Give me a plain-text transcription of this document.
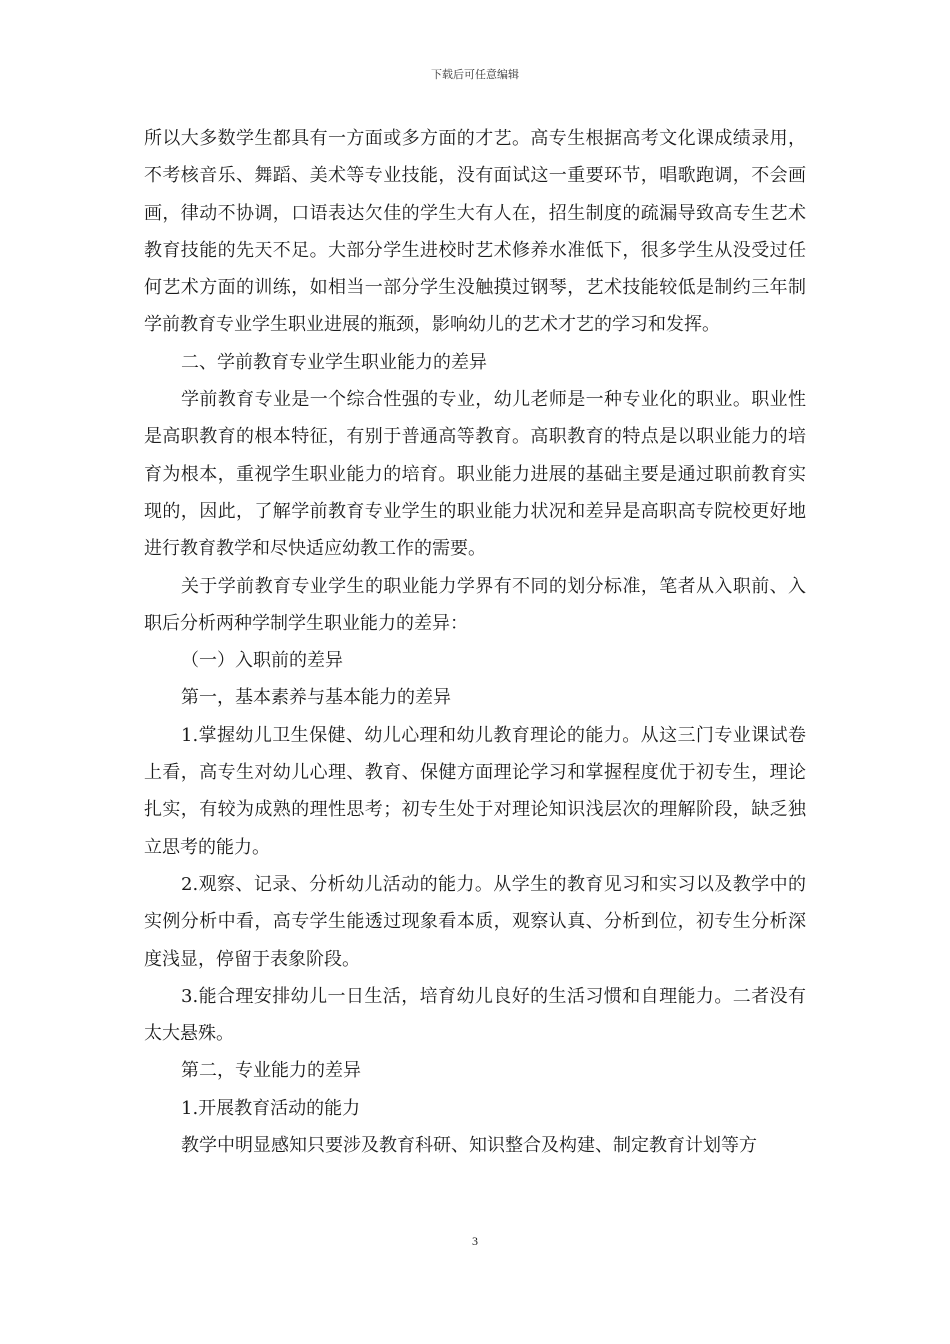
下载后可任意编辑

所以大多数学生都具有一方面或多方面的才艺。高专生根据高考文化课成绩录用，不考核音乐、舞蹈、美术等专业技能，没有面试这一重要环节，唱歌跑调，不会画画，律动不协调，口语表达欠佳的学生大有人在，招生制度的疏漏导致高专生艺术教育技能的先天不足。大部分学生进校时艺术修养水准低下，很多学生从没受过任何艺术方面的训练，如相当一部分学生没触摸过钢琴，艺术技能较低是制约三年制学前教育专业学生职业进展的瓶颈，影响幼儿的艺术才艺的学习和发挥。

二、学前教育专业学生职业能力的差异

学前教育专业是一个综合性强的专业，幼儿老师是一种专业化的职业。职业性是高职教育的根本特征，有别于普通高等教育。高职教育的特点是以职业能力的培育为根本，重视学生职业能力的培育。职业能力进展的基础主要是通过职前教育实现的，因此，了解学前教育专业学生的职业能力状况和差异是高职高专院校更好地进行教育教学和尽快适应幼教工作的需要。

关于学前教育专业学生的职业能力学界有不同的划分标准，笔者从入职前、入职后分析两种学制学生职业能力的差异：

（一）入职前的差异

第一，基本素养与基本能力的差异

1.掌握幼儿卫生保健、幼儿心理和幼儿教育理论的能力。从这三门专业课试卷上看，高专生对幼儿心理、教育、保健方面理论学习和掌握程度优于初专生，理论扎实，有较为成熟的理性思考；初专生处于对理论知识浅层次的理解阶段，缺乏独立思考的能力。

2.观察、记录、分析幼儿活动的能力。从学生的教育见习和实习以及教学中的实例分析中看，高专学生能透过现象看本质，观察认真、分析到位，初专生分析深度浅显，停留于表象阶段。

3.能合理安排幼儿一日生活，培育幼儿良好的生活习惯和自理能力。二者没有太大悬殊。

第二，专业能力的差异

1.开展教育活动的能力

教学中明显感知只要涉及教育科研、知识整合及构建、制定教育计划等方

3
